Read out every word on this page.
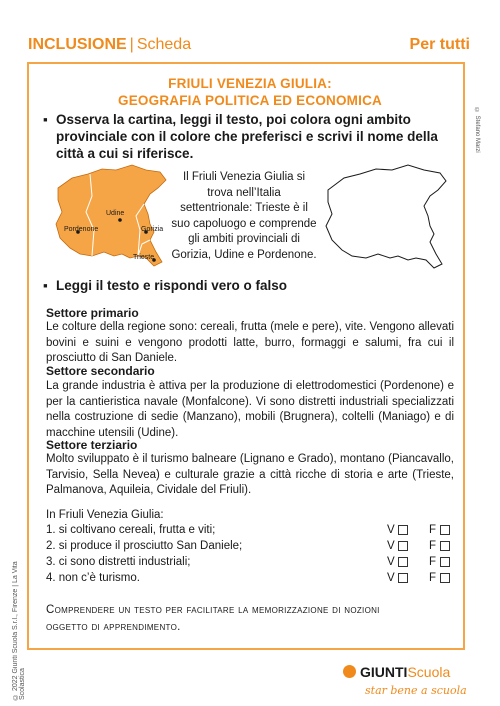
INCLUSIONE | Scheda	Per tutti
FRIULI VENEZIA GIULIA:
GEOGRAFIA POLITICA ED ECONOMICA
© Stefano Marzi
© 2022 Giunti Scuola S.r.l., Firenze | La Vita Scolastica
▪ Osserva la cartina, leggi il testo, poi colora ogni ambito provinciale con il colore che preferisci e scrivi il nome della città a cui si riferisce.
Udine
Gorizia
Pordenone
Trieste
Il Friuli Venezia Giulia si trova nell’Italia settentrionale: Trieste è il suo capoluogo e comprende gli ambiti provinciali di Gorizia, Udine e Pordenone.
▪ Leggi il testo e rispondi vero o falso
Settore primario
Le colture della regione sono: cereali, frutta (mele e pere), vite. Vengono allevati bovini e suini e vengono prodotti latte, burro, formaggi e salumi, fra cui il prosciutto di San Daniele.
Settore secondario
La grande industria è attiva per la produzione di elettrodomestici (Pordenone) e per la cantieristica navale (Monfalcone). Vi sono distretti industriali specializzati nella costruzione di sedie (Manzano), mobili (Brugnera), coltelli (Maniago) e di macchine utensili (Udine).
Settore terziario
Molto sviluppato è il turismo balneare (Lignano e Grado), montano (Piancavallo, Tarvisio, Sella Nevea) e culturale grazie a città ricche di storia e arte (Trieste, Palmanova, Aquileia, Cividale del Friuli).
In Friuli Venezia Giulia:
1. si coltivano cereali, frutta e viti;	V	F
2. si produce il prosciutto San Daniele;	V	F
3. ci sono distretti industriali;	V	F
4. non c’è turismo.	V	F
Comprendere un testo per facilitare la memorizzazione di nozioni
oggetto di apprendimento.
GIUNTIScuola
star bene a scuola
